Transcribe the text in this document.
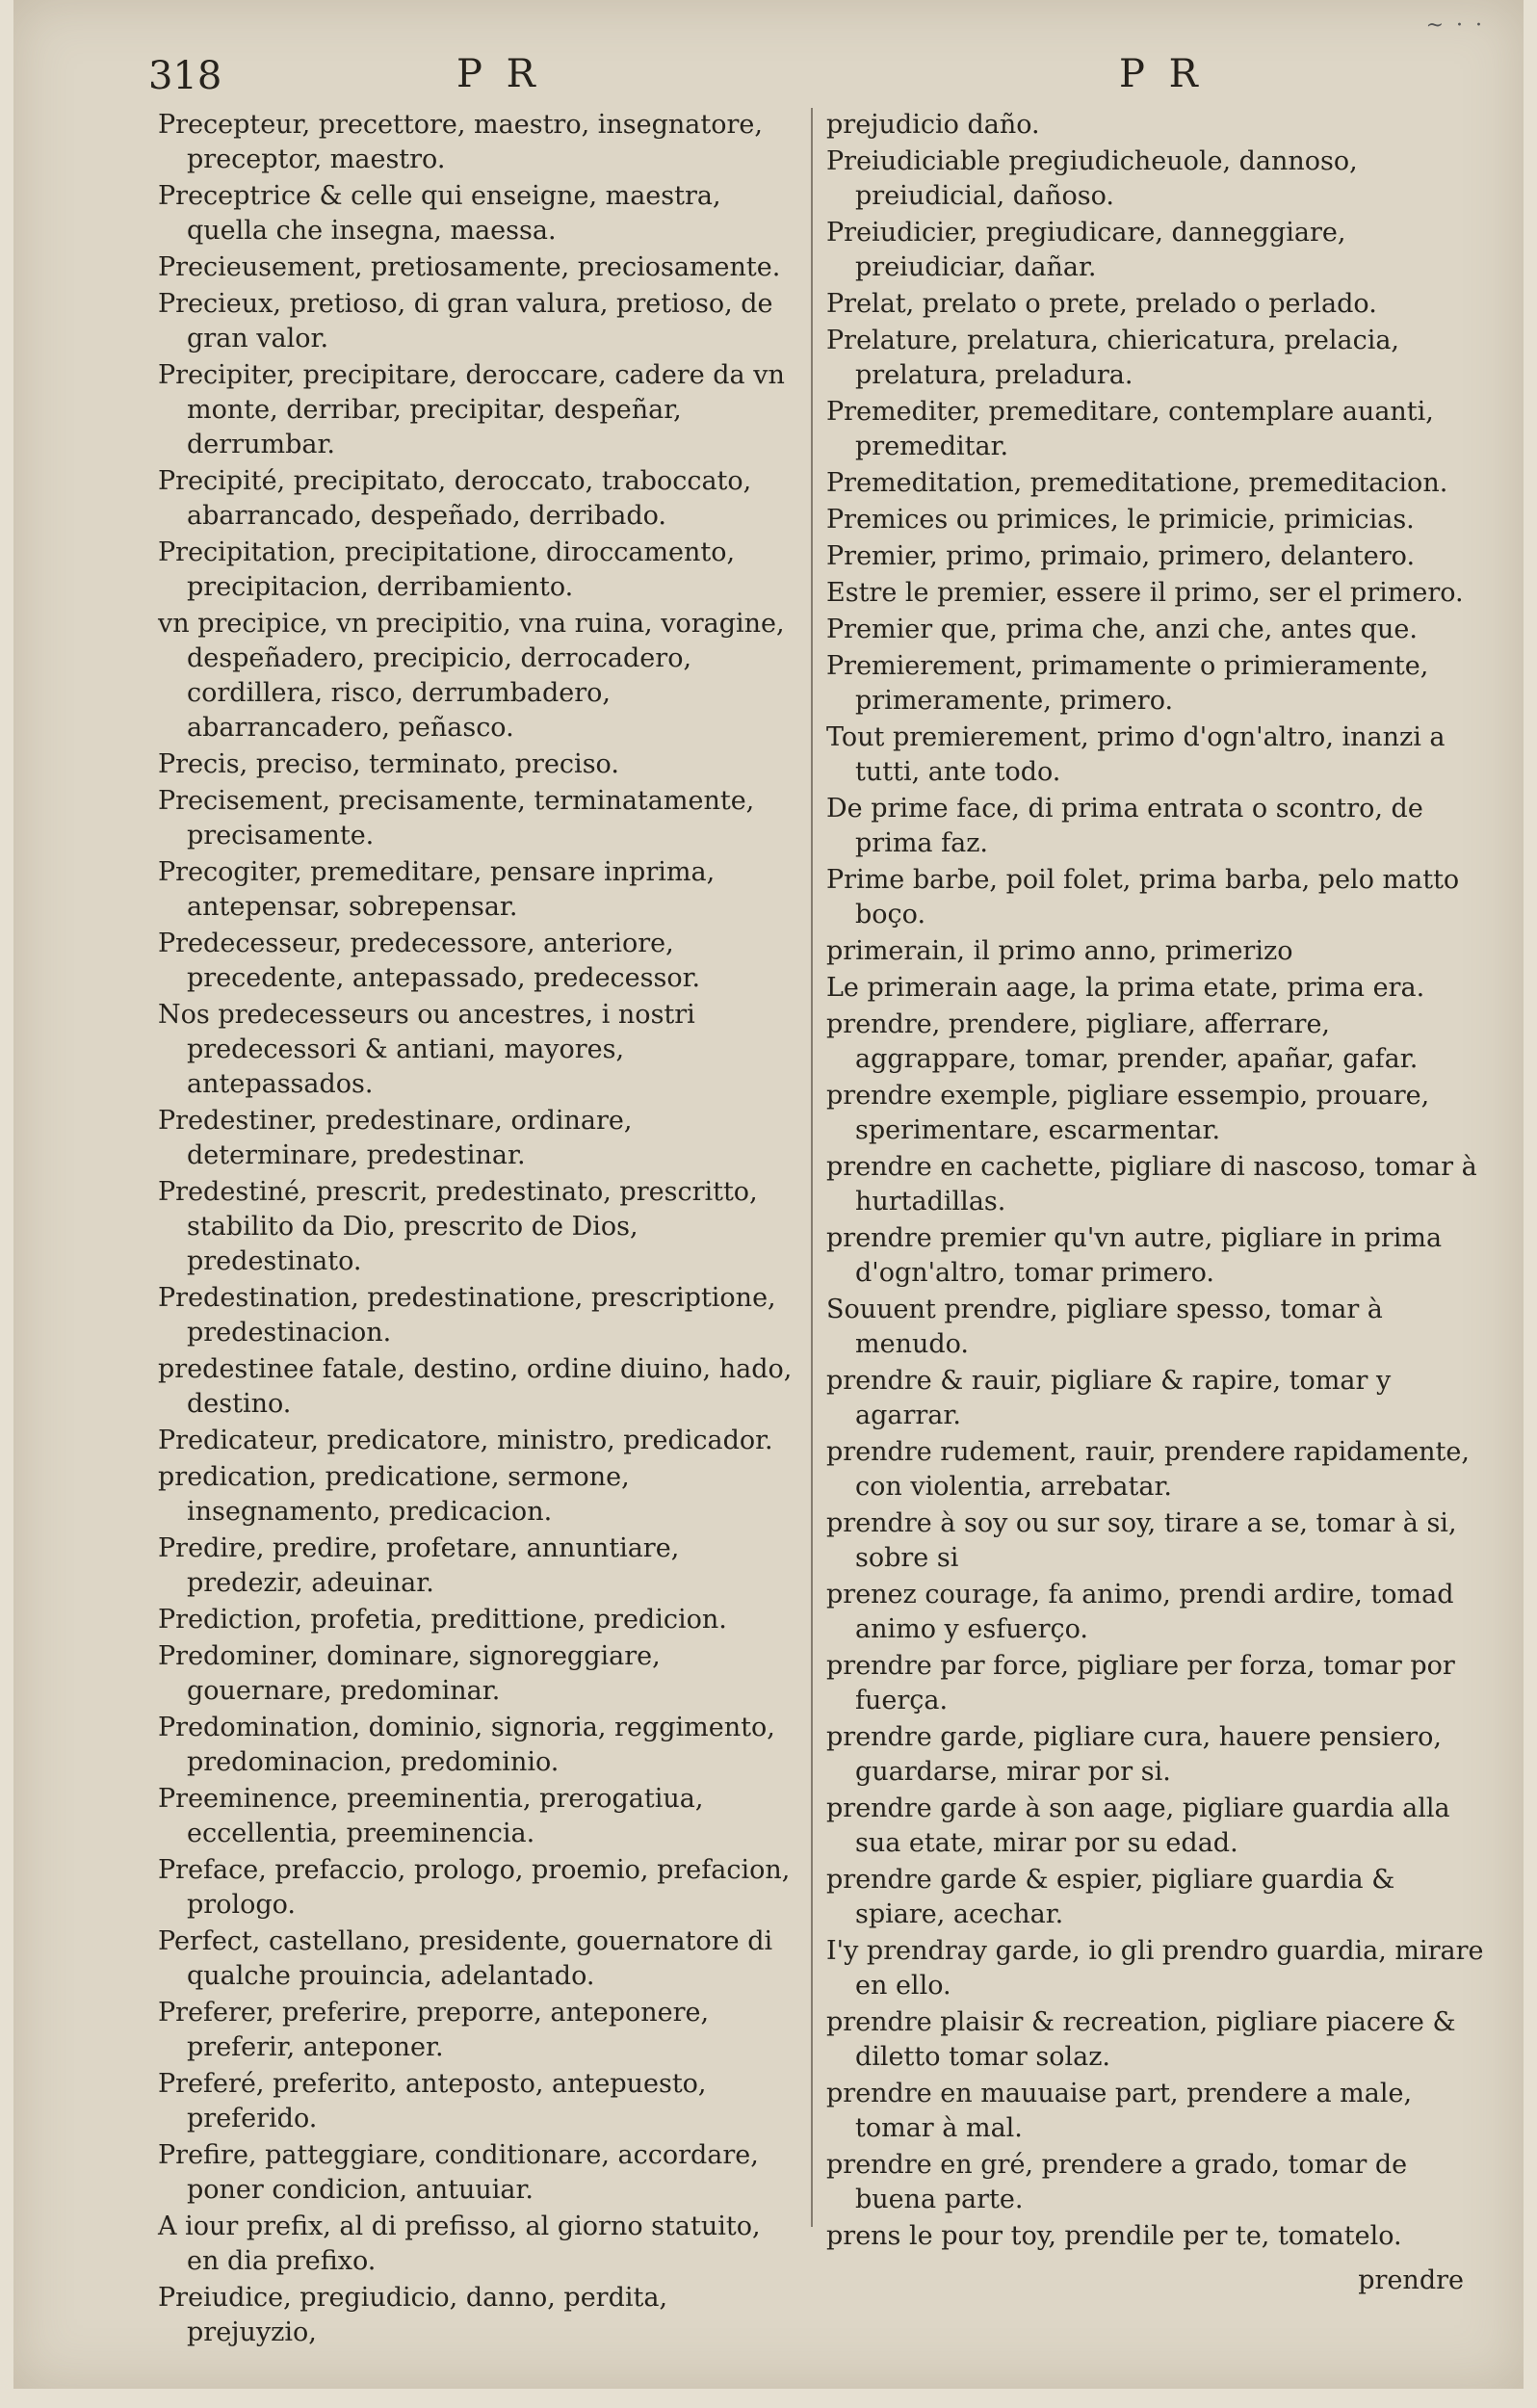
~ · ·
318	P R	P R

Precepteur, precettore, maestro, insegnatore, preceptor, maestro.

Preceptrice & celle qui enseigne, maestra, quella che insegna, maessa.

Precieusement, pretiosamente, preciosamente.

Precieux, pretioso, di gran valura, pretioso, de gran valor.

Precipiter, precipitare, deroccare, cadere da vn monte, derribar, precipitar, despeñar, derrumbar.

Precipité, precipitato, deroccato, traboccato, abarrancado, despeñado, derribado.

Precipitation, precipitatione, diroccamento, precipitacion, derribamiento.

vn precipice, vn precipitio, vna ruina, voragine, despeñadero, precipicio, derrocadero, cordillera, risco, derrumbadero, abarrancadero, peñasco.

Precis, preciso, terminato, preciso.

Precisement, precisamente, terminatamente, precisamente.

Precogiter, premeditare, pensare inprima, antepensar, sobrepensar.

Predecesseur, predecessore, anteriore, precedente, antepassado, predecessor.

Nos predecesseurs ou ancestres, i nostri predecessori & antiani, mayores, antepassados.

Predestiner, predestinare, ordinare, determinare, predestinar.

Predestiné, prescrit, predestinato, prescritto, stabilito da Dio, prescrito de Dios, predestinato.

Predestination, predestinatione, prescriptione, predestinacion.

predestinee fatale, destino, ordine diuino, hado, destino.

Predicateur, predicatore, ministro, predicador.

predication, predicatione, sermone, insegnamento, predicacion.

Predire, predire, profetare, annuntiare, predezir, adeuinar.

Prediction, profetia, predittione, predicion.

Predominer, dominare, signoreggiare, gouernare, predominar.

Predomination, dominio, signoria, reggimento, predominacion, predominio.

Preeminence, preeminentia, prerogatiua, eccellentia, preeminencia.

Preface, prefaccio, prologo, proemio, prefacion, prologo.

Perfect, castellano, presidente, gouernatore di qualche prouincia, adelantado.

Preferer, preferire, preporre, anteponere, preferir, anteponer.

Preferé, preferito, anteposto, antepuesto, preferido.

Prefire, patteggiare, conditionare, accordare, poner condicion, antuuiar.

A iour prefix, al di prefisso, al giorno statuito, en dia prefixo.

Preiudice, pregiudicio, danno, perdita, prejuyzio,

prejudicio daño.

Preiudiciable pregiudicheuole, dannoso, preiudicial, dañoso.

Preiudicier, pregiudicare, danneggiare, preiudiciar, dañar.

Prelat, prelato o prete, prelado o perlado.

Prelature, prelatura, chiericatura, prelacia, prelatura, preladura.

Premediter, premeditare, contemplare auanti, premeditar.

Premeditation, premeditatione, premeditacion.

Premices ou primices, le primicie, primicias.

Premier, primo, primaio, primero, delantero.

Estre le premier, essere il primo, ser el primero.

Premier que, prima che, anzi che, antes que.

Premierement, primamente o primieramente, primeramente, primero.

Tout premierement, primo d'ogn'altro, inanzi a tutti, ante todo.

De prime face, di prima entrata o scontro, de prima faz.

Prime barbe, poil folet, prima barba, pelo matto boço.

primerain, il primo anno, primerizo

Le primerain aage, la prima etate, prima era.

prendre, prendere, pigliare, afferrare, aggrappare, tomar, prender, apañar, gafar.

prendre exemple, pigliare essempio, prouare, sperimentare, escarmentar.

prendre en cachette, pigliare di nascoso, tomar à hurtadillas.

prendre premier qu'vn autre, pigliare in prima d'ogn'altro, tomar primero.

Souuent prendre, pigliare spesso, tomar à menudo.

prendre & rauir, pigliare & rapire, tomar y agarrar.

prendre rudement, rauir, prendere rapidamente, con violentia, arrebatar.

prendre à soy ou sur soy, tirare a se, tomar à si, sobre si

prenez courage, fa animo, prendi ardire, tomad animo y esfuerço.

prendre par force, pigliare per forza, tomar por fuerça.

prendre garde, pigliare cura, hauere pensiero, guardarse, mirar por si.

prendre garde à son aage, pigliare guardia alla sua etate, mirar por su edad.

prendre garde & espier, pigliare guardia & spiare, acechar.

I'y prendray garde, io gli prendro guardia, mirare en ello.

prendre plaisir & recreation, pigliare piacere & diletto tomar solaz.

prendre en mauuaise part, prendere a male, tomar à mal.

prendre en gré, prendere a grado, tomar de buena parte.

prens le pour toy, prendile per te, tomatelo.

prendre
